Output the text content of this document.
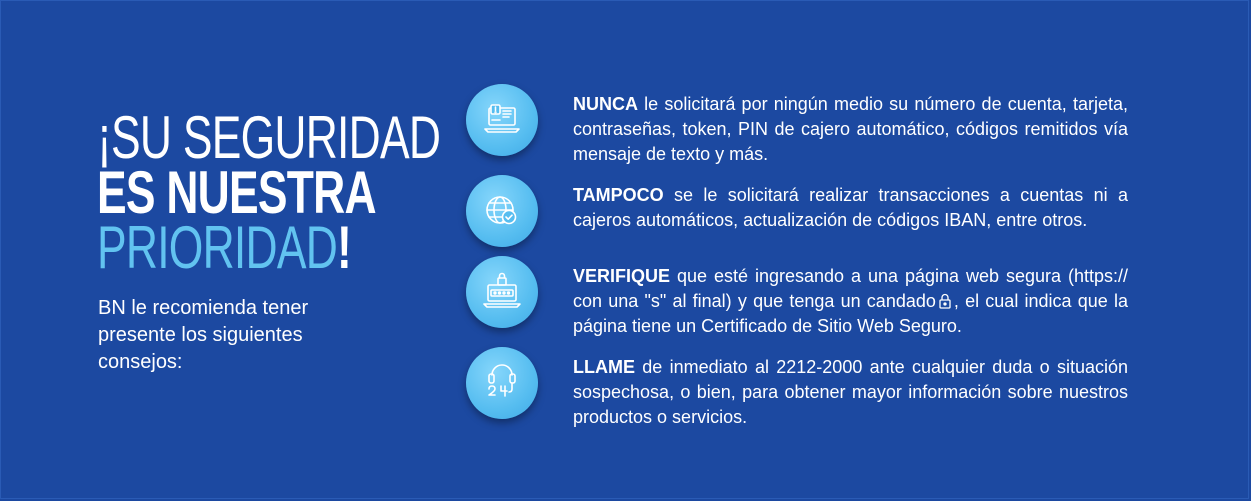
¡SU SEGURIDAD
ES NUESTRA
PRIORIDAD!
BN le recomienda tener presente los siguientes consejos:
NUNCA le solicitará por ningún medio su número de cuenta, tarjeta, contraseñas, token, PIN de cajero automático, códigos remitidos vía mensaje de texto y más.
TAMPOCO se le solicitará realizar transacciones a cuentas ni a cajeros automáticos, actualización de códigos IBAN, entre otros.
VERIFIQUE que esté ingresando a una página web segura (https:// con una "s" al final) y que tenga un candado , el cual indica que la página tiene un Certificado de Sitio Web Seguro.
LLAME de inmediato al 2212-2000 ante cualquier duda o situación sospechosa, o bien, para obtener mayor información sobre nuestros productos o servicios.
